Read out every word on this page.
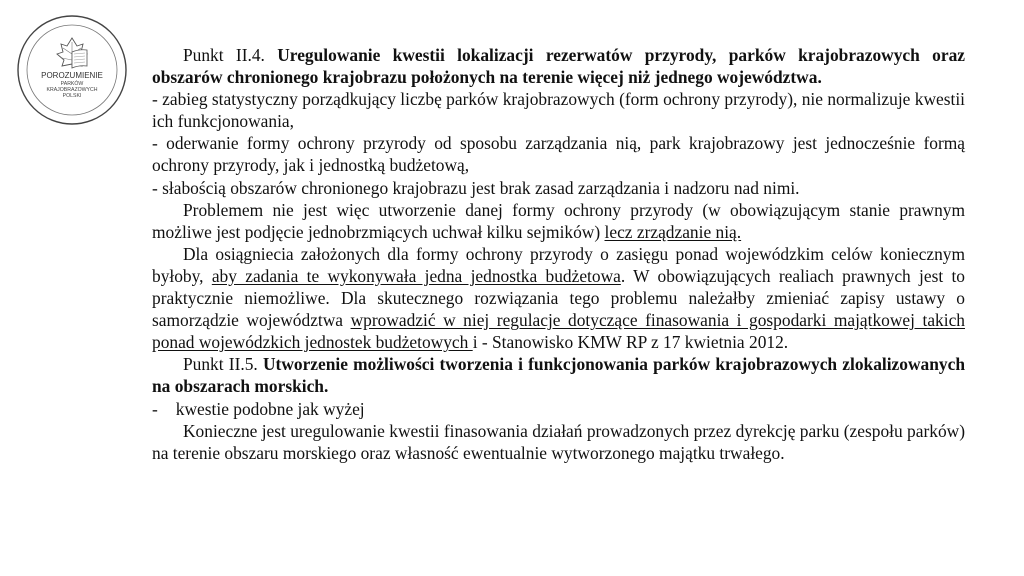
POROZUMIENIE
PARKÓW
KRAJOBRAZOWYCH
POLSKI

Punkt II.4. Uregulowanie kwestii lokalizacji rezerwatów przyrody, parków krajobrazowych oraz obszarów chronionego krajobrazu położonych na terenie więcej niż jednego województwa.

- zabieg statystyczny porządkujący liczbę parków krajobrazowych (form ochrony przyrody), nie normalizuje kwestii ich funkcjonowania,

- oderwanie formy ochrony przyrody od sposobu zarządzania nią, park krajobrazowy jest jednocześnie formą ochrony przyrody, jak i jednostką budżetową,

- słabością obszarów chronionego krajobrazu jest brak zasad zarządzania i nadzoru nad nimi.

Problemem nie jest więc utworzenie danej formy ochrony przyrody (w obowiązującym stanie prawnym możliwe jest podjęcie jednobrzmiących uchwał kilku sejmików) lecz zrządzanie nią.

Dla osiągniecia założonych dla formy ochrony przyrody o zasięgu ponad wojewódzkim celów koniecznym byłoby, aby zadania te wykonywała jedna jednostka budżetowa. W obowiązujących realiach prawnych jest to praktycznie niemożliwe. Dla skutecznego rozwiązania tego problemu należałby zmieniać zapisy ustawy o samorządzie województwa wprowadzić w niej regulacje dotyczące finasowania i gospodarki majątkowej takich ponad wojewódzkich jednostek budżetowych i - Stanowisko KMW RP z 17 kwietnia 2012.

Punkt II.5. Utworzenie możliwości tworzenia i funkcjonowania parków krajobrazowych zlokalizowanych na obszarach morskich.

- kwestie podobne jak wyżej

Konieczne jest uregulowanie kwestii finasowania działań prowadzonych przez dyrekcję parku (zespołu parków) na terenie obszaru morskiego oraz własność ewentualnie wytworzonego majątku trwałego.
